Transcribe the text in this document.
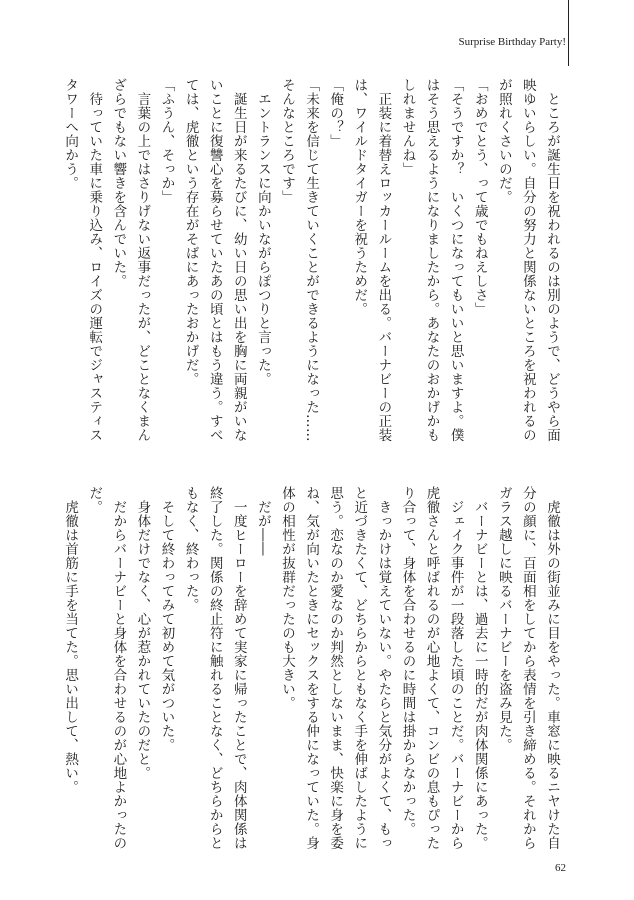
Surprise Birthday Party!
　ところが誕生日を祝われるのは別のようで、どうやら面
映ゆいらしい。自分の努力と関係ないところを祝われるの
が照れくさいのだ。
「おめでとう、って歳でもねえしさ」
「そうですか？　いくつになってもいいと思いますよ。僕
はそう思えるようになりましたから。あなたのおかげかも
しれませんね」
　正装に着替えロッカールームを出る。バーナビーの正装
は、ワイルドタイガーを祝うためだ。
「俺の？」
「未来を信じて生きていくことができるようになった……
そんなところです」
　エントランスに向かいながらぽつりと言った。
　誕生日が来るたびに、幼い日の思い出を胸に両親がいな
いことに復讐心を募らせていたあの頃とはもう違う。すべ
ては、虎徹という存在がそばにあったおかげだ。
「ふうん、そっか」
　言葉の上ではさりげない返事だったが、どことなくまん
ざらでもない響きを含んでいた。
　待っていた車に乗り込み、ロイズの運転でジャスティス
タワーへ向かう。
　虎徹は外の街並みに目をやった。車窓に映るニヤけた自
分の顔に、百面相をしてから表情を引き締める。それから
ガラス越しに映るバーナビーを盗み見た。
　バーナビーとは、過去に一時的だが肉体関係にあった。
　ジェイク事件が一段落した頃のことだ。バーナビーから
虎徹さんと呼ばれるのが心地よくて、コンビの息もぴった
り合って、身体を合わせるのに時間は掛からなかった。
　きっかけは覚えていない。やたらと気分がよくて、もっ
と近づきたくて、どちらからともなく手を伸ばしたように
思う。恋なのか愛なのか判然としないまま、快楽に身を委
ね、気が向いたときにセックスをする仲になっていた。身
体の相性が抜群だったのも大きい。
　だが――
　一度ヒーローを辞めて実家に帰ったことで、肉体関係は
終了した。関係の終止符に触れることなく、どちらからと
もなく、終わった。
　そして終わってみて初めて気がついた。
　身体だけでなく、心が惹かれていたのだと。
　だからバーナビーと身体を合わせるのが心地よかったの
だ。
　虎徹は首筋に手を当てた。思い出して、熱い。
62
